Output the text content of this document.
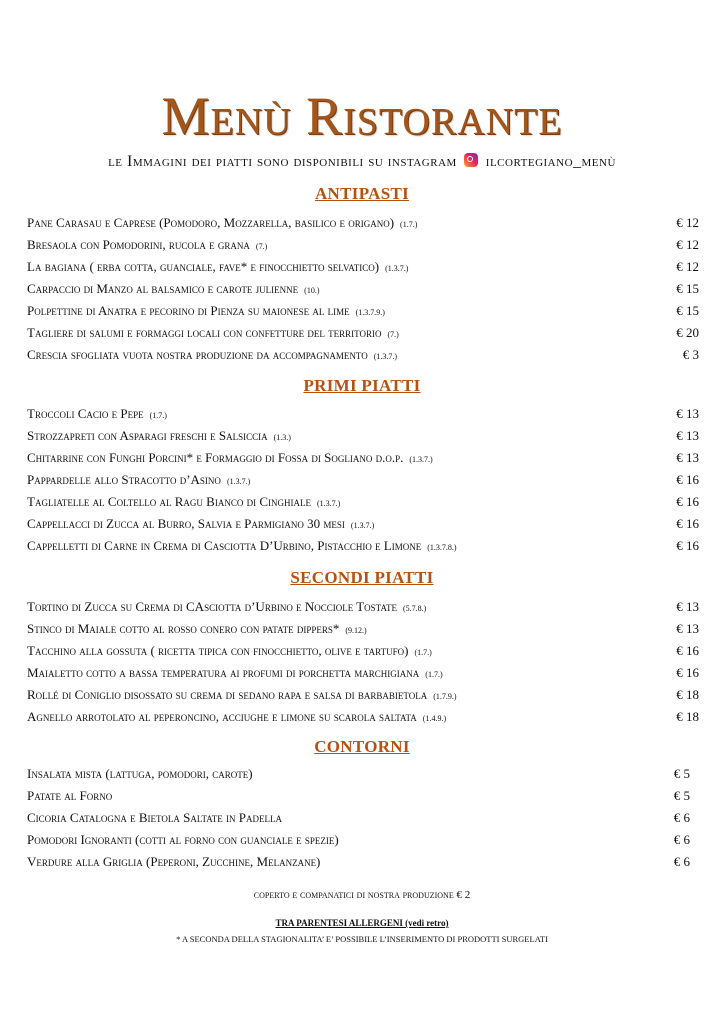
Menù Ristorante
le Immagini dei piatti sono disponibili su instagram ilcortegiano_menù
ANTIPASTI
Pane Carasau e Caprese (Pomodoro, Mozzarella, basilico e origano) (1.7.)	€ 12
Bresaola con Pomodorini, rucola e grana (7.)	€ 12
La bagiana ( erba cotta, guanciale, fave* e finocchietto selvatico) (1.3.7.)	€ 12
Carpaccio di Manzo al balsamico e carote julienne (10.)	€ 15
Polpettine di Anatra e pecorino di Pienza su maionese al lime (1.3.7.9.)	€ 15
Tagliere di salumi e formaggi locali con confetture del territorio (7.)	€ 20
Crescia sfogliata vuota nostra produzione da accompagnamento (1.3.7.)	€ 3
PRIMI PIATTI
Troccoli Cacio e Pepe (1.7.)	€ 13
Strozzapreti con Asparagi freschi e Salsiccia (1.3.)	€ 13
Chitarrine con Funghi Porcini* e Formaggio di Fossa di Sogliano d.o.p. (1.3.7.)	€ 13
Pappardelle allo Stracotto d’Asino (1.3.7.)	€ 16
Tagliatelle al Coltello al Ragu Bianco di Cinghiale (1.3.7.)	€ 16
Cappellacci di Zucca al Burro, Salvia e Parmigiano 30 mesi (1.3.7.)	€ 16
Cappelletti di Carne in Crema di Casciotta D’Urbino, Pistacchio e Limone (1.3.7.8.)	€ 16
SECONDI PIATTI
Tortino di Zucca su Crema di CAsciotta d’Urbino e Nocciole Tostate (5.7.8.)	€ 13
Stinco di Maiale cotto al rosso conero con patate dippers* (9.12.)	€ 13
Tacchino alla gossuta ( ricetta tipica con finocchietto, olive e tartufo) (1.7.)	€ 16
Maialetto cotto a bassa temperatura ai profumi di porchetta marchigiana (1.7.)	€ 16
Rollé di Coniglio disossato su crema di sedano rapa e salsa di barbabietola (1.7.9.)	€ 18
Agnello arrotolato al peperoncino, acciughe e limone su scarola saltata (1.4.9.)	€ 18
CONTORNI
Insalata mista (lattuga, pomodori, carote)	€ 5
Patate al Forno	€ 5
Cicoria Catalogna e Bietola Saltate in Padella	€ 6
Pomodori Ignoranti (cotti al forno con guanciale e spezie)	€ 6
Verdure alla Griglia (Peperoni, Zucchine, Melanzane)	€ 6
coperto e companatici di nostra produzione € 2
TRA PARENTESI ALLERGENI (vedi retro)
* A SECONDA DELLA STAGIONALITA’ E’ POSSIBILE L’INSERIMENTO DI PRODOTTI SURGELATI
